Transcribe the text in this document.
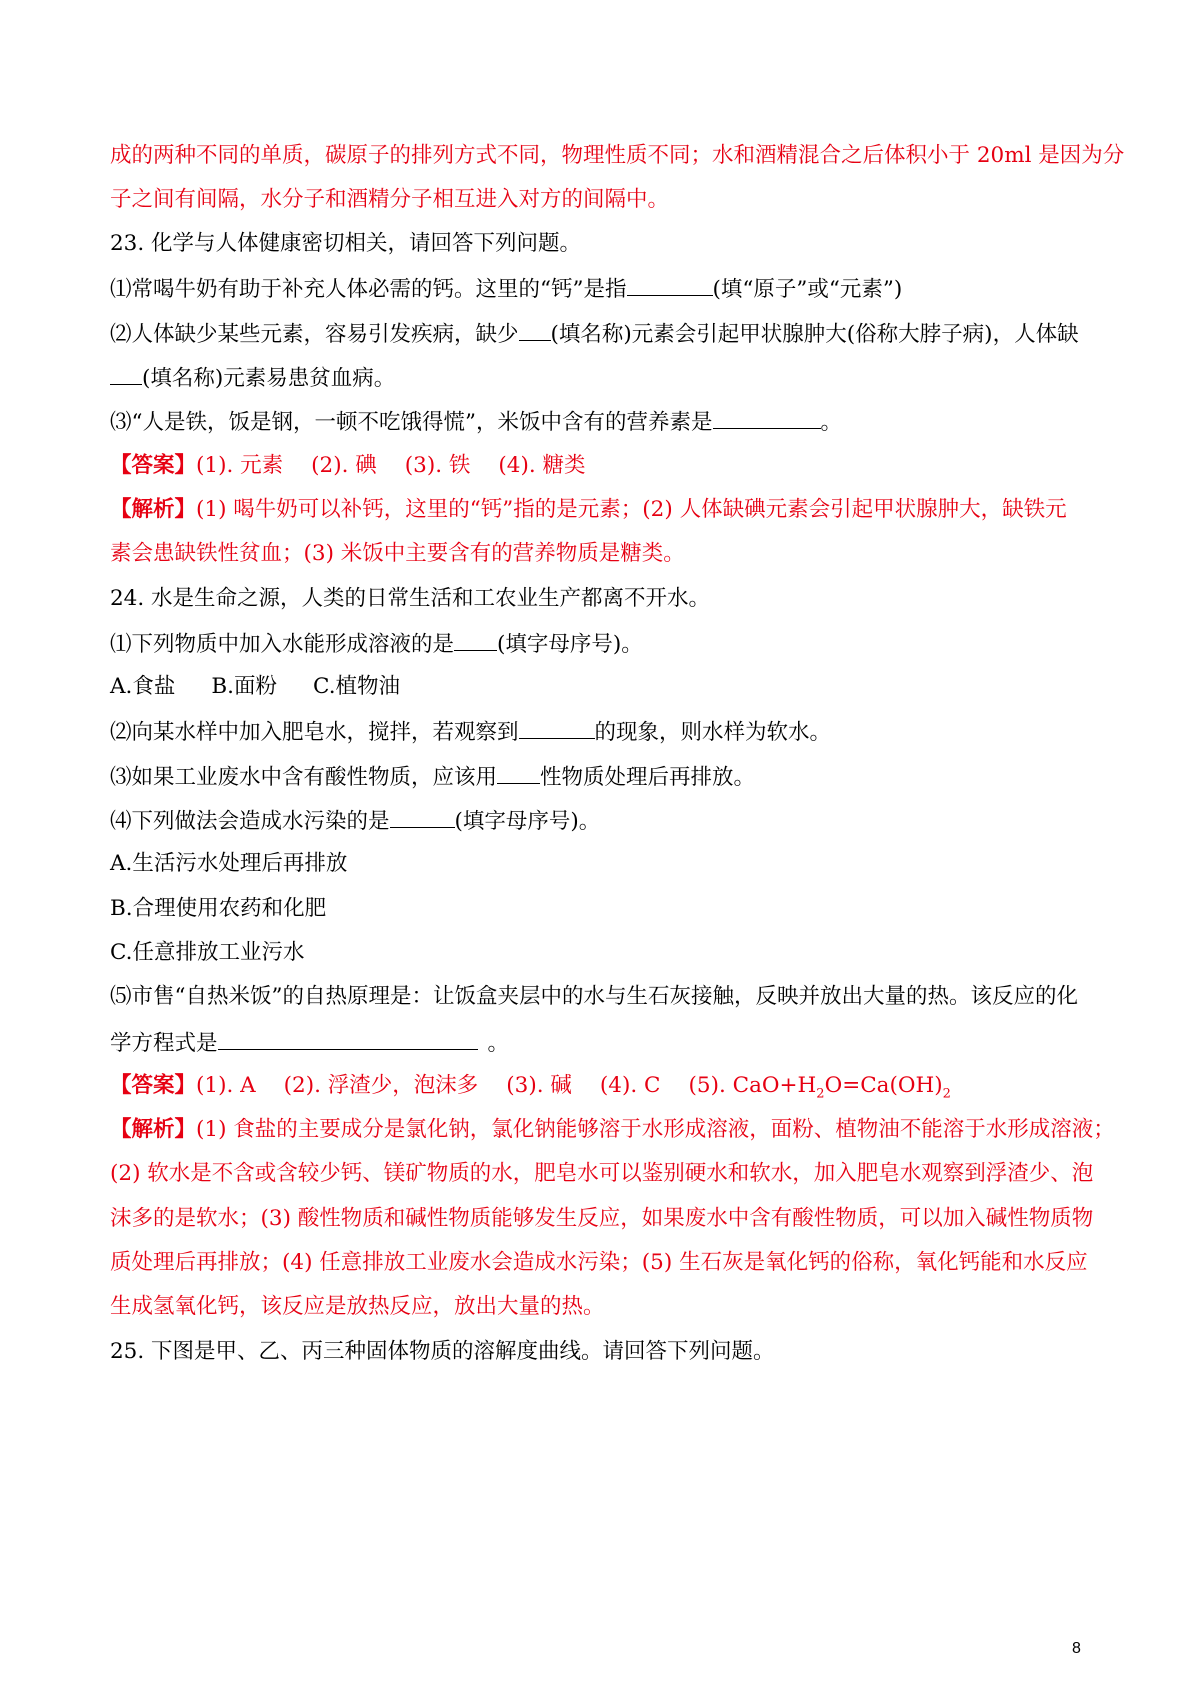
成的两种不同的单质，碳原子的排列方式不同，物理性质不同；水和酒精混合之后体积小于 20ml 是因为分
子之间有间隔，水分子和酒精分子相互进入对方的间隔中。
23. 化学与人体健康密切相关，请回答下列问题。
⑴常喝牛奶有助于补充人体必需的钙。这里的“钙”是指	(填“原子”或“元素”)
⑵人体缺少某些元素，容易引发疾病，缺少 (填名称)元素会引起甲状腺肿大(俗称大脖子病)，人体缺
(填名称)元素易患贫血病。
⑶“人是铁，饭是钢，一顿不吃饿得慌”，米饭中含有的营养素是	。
【答案】(1). 元素 (2). 碘 (3). 铁 (4). 糖类
【解析】(1) 喝牛奶可以补钙，这里的“钙”指的是元素；(2) 人体缺碘元素会引起甲状腺肿大，缺铁元
素会患缺铁性贫血；(3) 米饭中主要含有的营养物质是糖类。
24. 水是生命之源，人类的日常生活和工农业生产都离不开水。
⑴下列物质中加入水能形成溶液的是 (填字母序号)。
A.食盐 B.面粉 C.植物油
⑵向某水样中加入肥皂水，搅拌，若观察到	的现象，则水样为软水。
⑶如果工业废水中含有酸性物质，应该用 性物质处理后再排放。
⑷下列做法会造成水污染的是	(填字母序号)。
A.生活污水处理后再排放
B.合理使用农药和化肥
C.任意排放工业污水
⑸市售“自热米饭”的自热原理是：让饭盒夹层中的水与生石灰接触，反映并放出大量的热。该反应的化
学方程式是	。
【答案】(1). A (2). 浮渣少，泡沫多 (3). 碱 (4). C (5). $CaO+H_2O=Ca(OH)_2$
【解析】(1) 食盐的主要成分是氯化钠，氯化钠能够溶于水形成溶液，面粉、植物油不能溶于水形成溶液；
(2) 软水是不含或含较少钙、镁矿物质的水，肥皂水可以鉴别硬水和软水，加入肥皂水观察到浮渣少、泡
沫多的是软水；(3) 酸性物质和碱性物质能够发生反应，如果废水中含有酸性物质，可以加入碱性物质物
质处理后再排放；(4) 任意排放工业废水会造成水污染；(5) 生石灰是氧化钙的俗称，氧化钙能和水反应
生成氢氧化钙，该反应是放热反应，放出大量的热。
25. 下图是甲、乙、丙三种固体物质的溶解度曲线。请回答下列问题。
8
